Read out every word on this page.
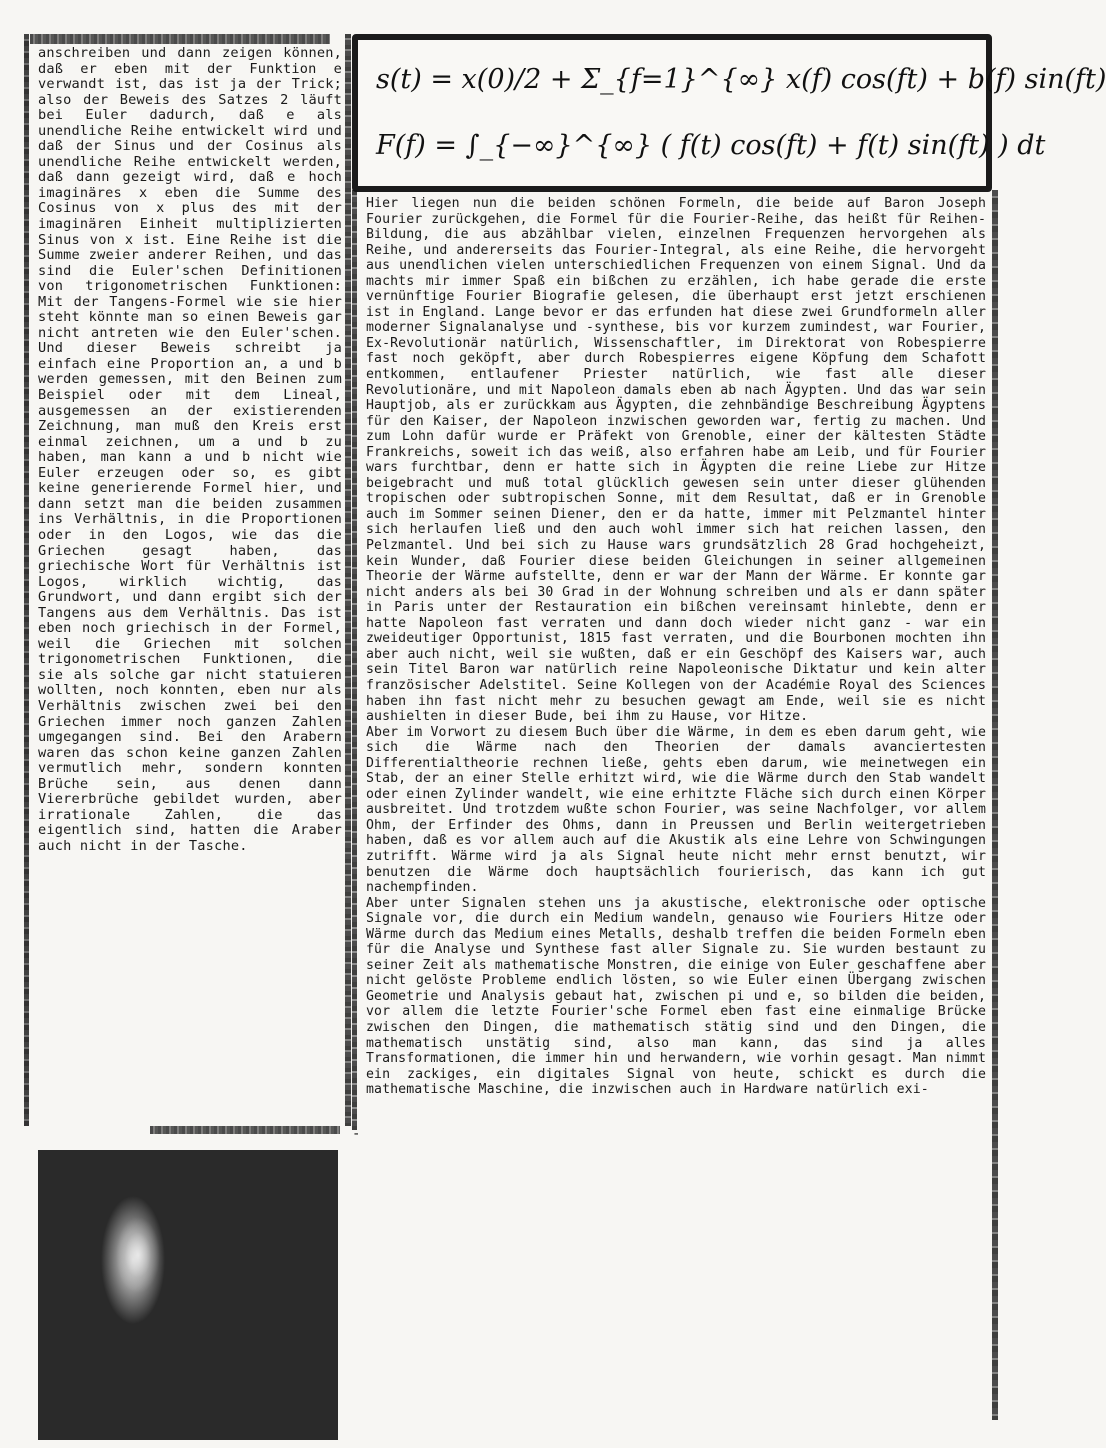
anschreiben und dann zeigen können, daß er eben mit der Funktion e verwandt ist, das ist ja der Trick; also der Beweis des Satzes 2 läuft bei Euler dadurch, daß e als unendliche Reihe entwickelt wird und daß der Sinus und der Cosinus als unendliche Reihe entwickelt werden, daß dann gezeigt wird, daß e hoch imaginäres x eben die Summe des Cosinus von x plus des mit der imaginären Einheit multiplizierten Sinus von x ist. Eine Reihe ist die Summe zweier anderer Reihen, und das sind die Euler'schen Definitionen von trigonometrischen Funktionen: Mit der Tangens-Formel wie sie hier steht könnte man so einen Beweis gar nicht antreten wie den Euler'schen. Und dieser Beweis schreibt ja einfach eine Proportion an, a und b werden gemessen, mit den Beinen zum Beispiel oder mit dem Lineal, ausgemessen an der existierenden Zeichnung, man muß den Kreis erst einmal zeichnen, um a und b zu haben, man kann a und b nicht wie Euler erzeugen oder so, es gibt keine generierende Formel hier, und dann setzt man die beiden zusammen ins Verhältnis, in die Proportionen oder in den Logos, wie das die Griechen gesagt haben, das griechische Wort für Verhältnis ist Logos, wirklich wichtig, das Grundwort, und dann ergibt sich der Tangens aus dem Verhältnis. Das ist eben noch griechisch in der Formel, weil die Griechen mit solchen trigonometrischen Funktionen, die sie als solche gar nicht statuieren wollten, noch konnten, eben nur als Verhältnis zwischen zwei bei den Griechen immer noch ganzen Zahlen umgegangen sind. Bei den Arabern waren das schon keine ganzen Zahlen vermutlich mehr, sondern konnten Brüche sein, aus denen dann Viererbrüche gebildet wurden, aber irrationale Zahlen, die das eigentlich sind, hatten die Araber auch nicht in der Tasche.

s(t) = x(0)/2 + Σ_{f=1}^{∞} x(f) cos(ft) + b(f) sin(ft)
F(f) = ∫_{−∞}^{∞} ( f(t) cos(ft) + f(t) sin(ft) ) dt
-

Hier liegen nun die beiden schönen Formeln, die beide auf Baron Joseph Fourier zurückgehen, die Formel für die Fourier-Reihe, das heißt für Reihen-Bildung, die aus abzählbar vielen, einzelnen Frequenzen hervorgehen als Reihe, und andererseits das Fourier-Integral, als eine Reihe, die hervorgeht aus unendlichen vielen unterschiedlichen Frequenzen von einem Signal. Und da machts mir immer Spaß ein bißchen zu erzählen, ich habe gerade die erste vernünftige Fourier Biografie gelesen, die überhaupt erst jetzt erschienen ist in England. Lange bevor er das erfunden hat diese zwei Grundformeln aller moderner Signalanalyse und -synthese, bis vor kurzem zumindest, war Fourier, Ex-Revolutionär natürlich, Wissenschaftler, im Direktorat von Robespierre fast noch geköpft, aber durch Robespierres eigene Köpfung dem Schafott entkommen, entlaufener Priester natürlich, wie fast alle dieser Revolutionäre, und mit Napoleon damals eben ab nach Ägypten. Und das war sein Hauptjob, als er zurückkam aus Ägypten, die zehnbändige Beschreibung Ägyptens für den Kaiser, der Napoleon inzwischen geworden war, fertig zu machen. Und zum Lohn dafür wurde er Präfekt von Grenoble, einer der kältesten Städte Frankreichs, soweit ich das weiß, also erfahren habe am Leib, und für Fourier wars furchtbar, denn er hatte sich in Ägypten die reine Liebe zur Hitze beigebracht und muß total glücklich gewesen sein unter dieser glühenden tropischen oder subtropischen Sonne, mit dem Resultat, daß er in Grenoble auch im Sommer seinen Diener, den er da hatte, immer mit Pelzmantel hinter sich herlaufen ließ und den auch wohl immer sich hat reichen lassen, den Pelzmantel. Und bei sich zu Hause wars grundsätzlich 28 Grad hochgeheizt, kein Wunder, daß Fourier diese beiden Gleichungen in seiner allgemeinen Theorie der Wärme aufstellte, denn er war der Mann der Wärme. Er konnte gar nicht anders als bei 30 Grad in der Wohnung schreiben und als er dann später in Paris unter der Restauration ein bißchen vereinsamt hinlebte, denn er hatte Napoleon fast verraten und dann doch wieder nicht ganz - war ein zweideutiger Opportunist, 1815 fast verraten, und die Bourbonen mochten ihn aber auch nicht, weil sie wußten, daß er ein Geschöpf des Kaisers war, auch sein Titel Baron war natürlich reine Napoleonische Diktatur und kein alter französischer Adelstitel. Seine Kollegen von der Académie Royal des Sciences haben ihn fast nicht mehr zu besuchen gewagt am Ende, weil sie es nicht aushielten in dieser Bude, bei ihm zu Hause, vor Hitze.

Aber im Vorwort zu diesem Buch über die Wärme, in dem es eben darum geht, wie sich die Wärme nach den Theorien der damals avanciertesten Differentialtheorie rechnen ließe, gehts eben darum, wie meinetwegen ein Stab, der an einer Stelle erhitzt wird, wie die Wärme durch den Stab wandelt oder einen Zylinder wandelt, wie eine erhitzte Fläche sich durch einen Körper ausbreitet. Und trotzdem wußte schon Fourier, was seine Nachfolger, vor allem Ohm, der Erfinder des Ohms, dann in Preussen und Berlin weitergetrieben haben, daß es vor allem auch auf die Akustik als eine Lehre von Schwingungen zutrifft. Wärme wird ja als Signal heute nicht mehr ernst benutzt, wir benutzen die Wärme doch hauptsächlich fourierisch, das kann ich gut nachempfinden.

Aber unter Signalen stehen uns ja akustische, elektronische oder optische Signale vor, die durch ein Medium wandeln, genauso wie Fouriers Hitze oder Wärme durch das Medium eines Metalls, deshalb treffen die beiden Formeln eben für die Analyse und Synthese fast aller Signale zu. Sie wurden bestaunt zu seiner Zeit als mathematische Monstren, die einige von Euler geschaffene aber nicht gelöste Probleme endlich lösten, so wie Euler einen Übergang zwischen Geometrie und Analysis gebaut hat, zwischen pi und e, so bilden die beiden, vor allem die letzte Fourier'sche Formel eben fast eine einmalige Brücke zwischen den Dingen, die mathematisch stätig sind und den Dingen, die mathematisch unstätig sind, also man kann, das sind ja alles Transformationen, die immer hin und herwandern, wie vorhin gesagt. Man nimmt ein zackiges, ein digitales Signal von heute, schickt es durch die mathematische Maschine, die inzwischen auch in Hardware natürlich exi-
